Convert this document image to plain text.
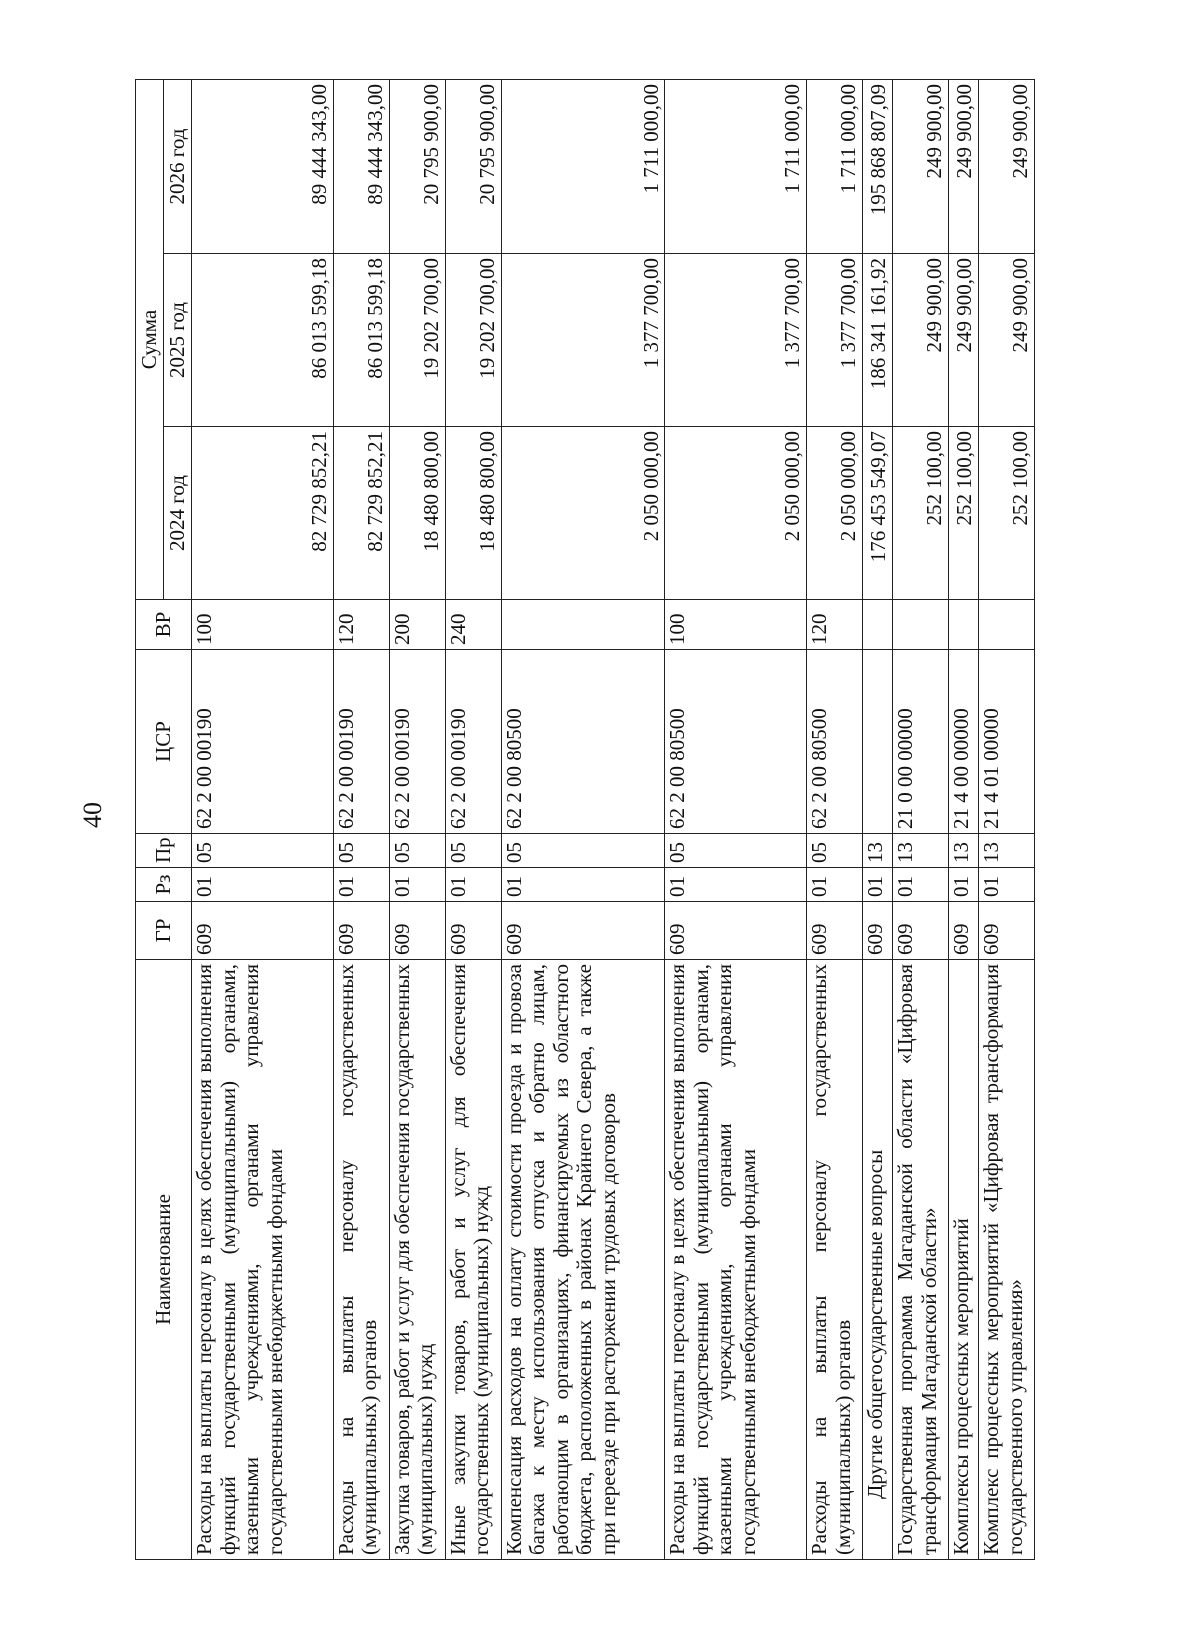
40
Наименование	ГР	Рз	Пр	ЦСР	ВР	Сумма		
						2024 год	2025 год	2026 год
Расходы на выплаты персоналу в целях обеспечения выполнения функций государственными (муниципальными) органами, казенными учреждениями, органами управления государственными внебюджетными фондами	609	01	05	62 2 00 00190	100	82 729 852,21	86 013 599,18	89 444 343,00
Расходы на выплаты персоналу государственных (муниципальных) органов	609	01	05	62 2 00 00190	120	82 729 852,21	86 013 599,18	89 444 343,00
Закупка товаров, работ и услуг для обеспечения государственных (муниципальных) нужд	609	01	05	62 2 00 00190	200	18 480 800,00	19 202 700,00	20 795 900,00
Иные закупки товаров, работ и услуг для обеспечения государственных (муниципальных) нужд	609	01	05	62 2 00 00190	240	18 480 800,00	19 202 700,00	20 795 900,00
Компенсация расходов на оплату стоимости проезда и провоза багажа к месту использования отпуска и обратно лицам, работающим в организациях, финансируемых из областного бюджета, расположенных в районах Крайнего Севера, а также при переезде при расторжении трудовых договоров	609	01	05	62 2 00 80500		2 050 000,00	1 377 700,00	1 711 000,00
Расходы на выплаты персоналу в целях обеспечения выполнения функций государственными (муниципальными) органами, казенными учреждениями, органами управления государственными внебюджетными фондами	609	01	05	62 2 00 80500	100	2 050 000,00	1 377 700,00	1 711 000,00
Расходы на выплаты персоналу государственных (муниципальных) органов	609	01	05	62 2 00 80500	120	2 050 000,00	1 377 700,00	1 711 000,00
Другие общегосударственные вопросы	609	01	13			176 453 549,07	186 341 161,92	195 868 807,09
Государственная программа Магаданской области «Цифровая трансформация Магаданской области»	609	01	13	21 0 00 00000		252 100,00	249 900,00	249 900,00
Комплексы процессных мероприятий	609	01	13	21 4 00 00000		252 100,00	249 900,00	249 900,00
Комплекс процессных мероприятий «Цифровая трансформация государственного управления»	609	01	13	21 4 01 00000		252 100,00	249 900,00	249 900,00
